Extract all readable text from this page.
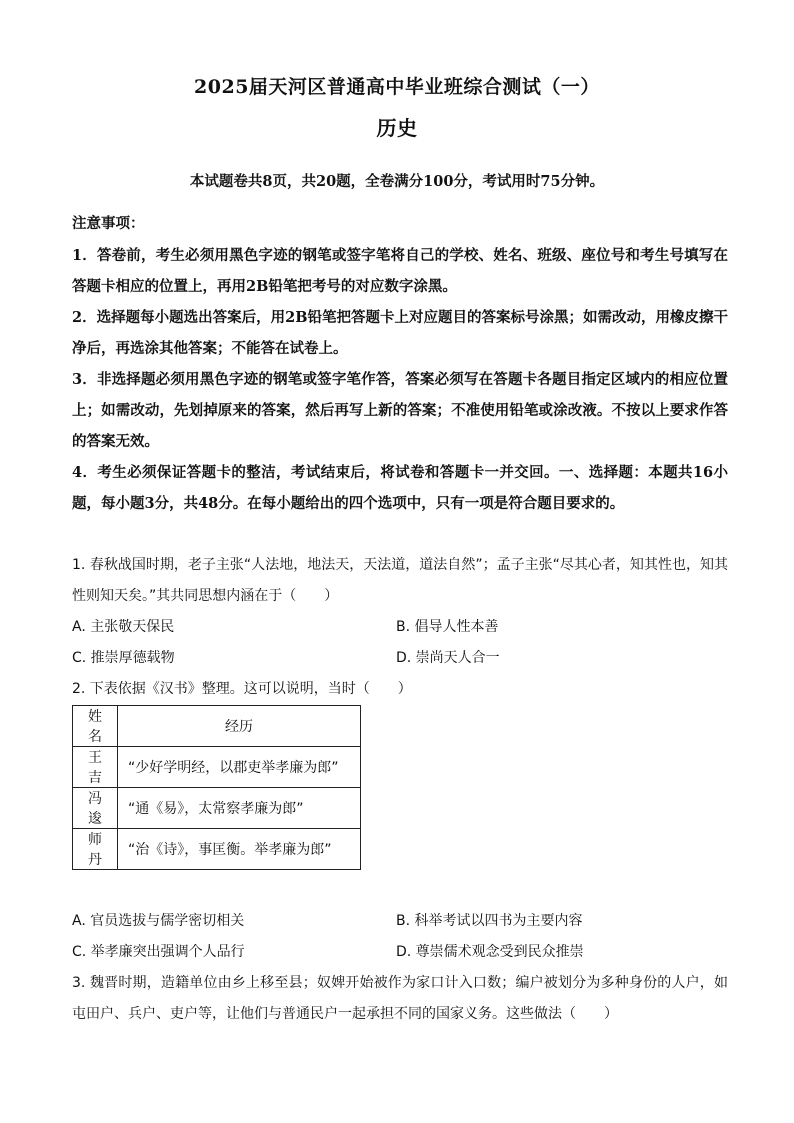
2025届天河区普通高中毕业班综合测试（一）
历史
本试题卷共8页，共20题，全卷满分100分，考试用时75分钟。
注意事项：

1．答卷前，考生必须用黑色字迹的钢笔或签字笔将自己的学校、姓名、班级、座位号和考生号填写在答题卡相应的位置上，再用2B铅笔把考号的对应数字涂黑。

2．选择题每小题选出答案后，用2B铅笔把答题卡上对应题目的答案标号涂黑；如需改动，用橡皮擦干净后，再选涂其他答案；不能答在试卷上。

3．非选择题必须用黑色字迹的钢笔或签字笔作答，答案必须写在答题卡各题目指定区域内的相应位置上；如需改动，先划掉原来的答案，然后再写上新的答案；不准使用铅笔或涂改液。不按以上要求作答的答案无效。

4．考生必须保证答题卡的整洁，考试结束后，将试卷和答题卡一并交回。一、选择题：本题共16小题，每小题3分，共48分。在每小题给出的四个选项中，只有一项是符合题目要求的。

1. 春秋战国时期，老子主张“人法地，地法天，天法道，道法自然”；孟子主张“尽其心者，知其性也，知其性则知天矣。”其共同思想内涵在于（　　）

A. 主张敬天保民	B. 倡导人性本善
C. 推崇厚德载物	D. 崇尚天人合一

2. 下表依据《汉书》整理。这可以说明，当时（　　）

姓名	经历
王吉	“少好学明经，以郡吏举孝廉为郎”
冯逡	“通《易》，太常察孝廉为郎”
师丹	“治《诗》，事匡衡。举孝廉为郎”
A. 官员选拔与儒学密切相关	B. 科举考试以四书为主要内容
C. 举孝廉突出强调个人品行	D. 尊崇儒术观念受到民众推崇

3. 魏晋时期，造籍单位由乡上移至县；奴婢开始被作为家口计入口数；编户被划分为多种身份的人户，如屯田户、兵户、吏户等，让他们与普通民户一起承担不同的国家义务。这些做法（　　）
